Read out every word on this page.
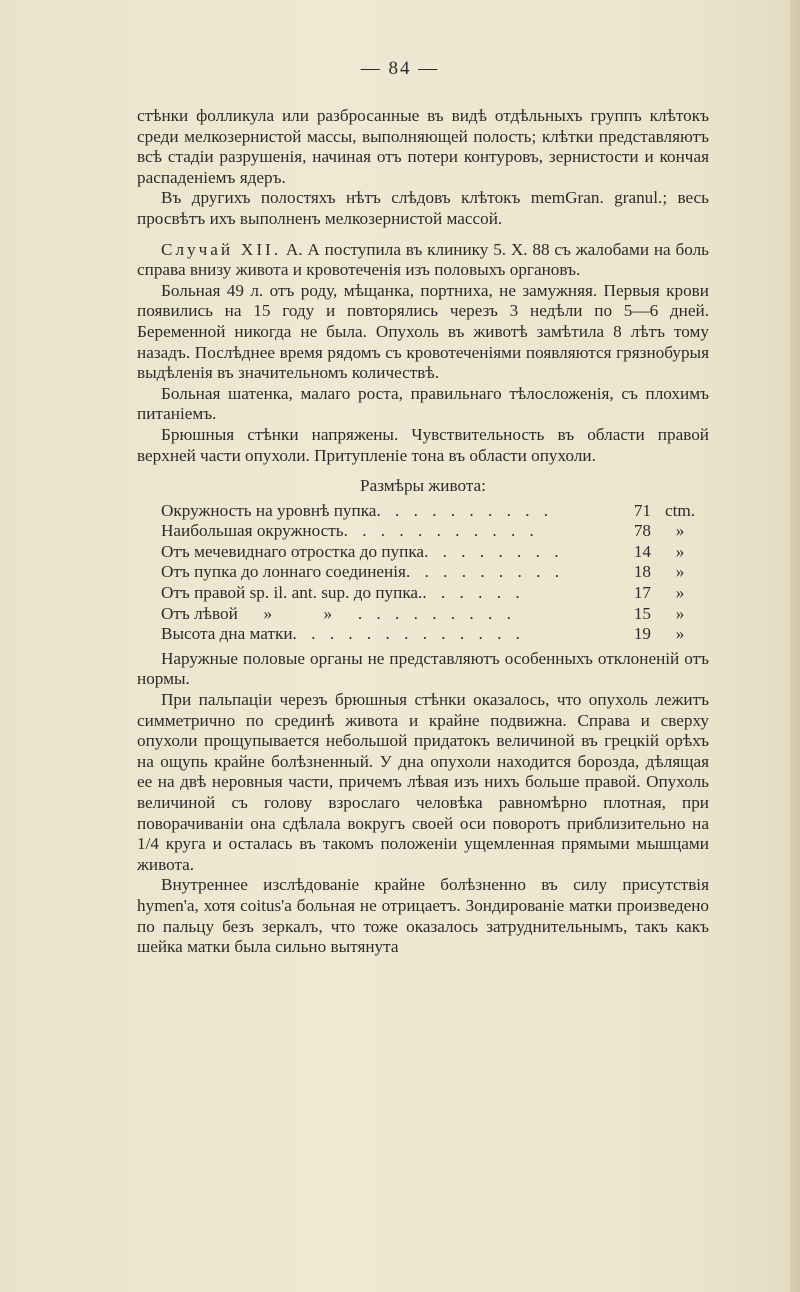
— 84 —

стѣнки фолликула или разбросанные въ видѣ отдѣльныхъ группъ клѣтокъ среди мелкозернистой массы, выполняющей полость; клѣтки представляютъ всѣ стадіи разрушенія, начиная отъ потери контуровъ, зернистости и кончая распаденіемъ ядеръ.

Въ другихъ полостяхъ нѣтъ слѣдовъ клѣтокъ memGran. granul.; весь просвѣтъ ихъ выполненъ мелкозернистой массой.

Случай XII. А. А поступила въ клинику 5. X. 88 съ жалобами на боль справа внизу живота и кровотеченія изъ половыхъ органовъ.

Больная 49 л. отъ роду, мѣщанка, портниха, не замужняя. Первыя крови появились на 15 году и повторялись черезъ 3 недѣли по 5—6 дней. Беременной никогда не была. Опухоль въ животѣ замѣтила 8 лѣтъ тому назадъ. Послѣднее время рядомъ съ кровотеченіями появляются грязнобурыя выдѣленія въ значительномъ количествѣ.

Больная шатенка, малаго роста, правильнаго тѣлосложенія, съ плохимъ питаніемъ.

Брюшныя стѣнки напряжены. Чувствительность въ области правой верхней части опухоли. Притупленіе тона въ области опухоли.

Размѣры живота:

Окружность на уровнѣ пупка . . . . . . . . . .	71 ctm.
Наибольшая окружность . . . . . . . . . . .	78	»
Отъ мечевиднаго отростка до пупка . . . . . . . .	14	»
Отъ пупка до лоннаго соединенія . . . . . . . . .	18	»
Отъ правой sp. il. ant. sup. до пупка. . . . . . .	17	»
Отъ лѣвой	»	»	. . . . . . . . .	15	»
Высота дна матки . . . . . . . . . . . . .	19	»

Наружные половые органы не представляютъ особенныхъ отклоненій отъ нормы.

При пальпаціи черезъ брюшныя стѣнки оказалось, что опухоль лежитъ симметрично по срединѣ живота и крайне подвижна. Справа и сверху опухоли прощупывается небольшой придатокъ величиной въ грецкій орѣхъ на ощупь крайне болѣзненный. У дна опухоли находится борозда, дѣлящая ее на двѣ неровныя части, причемъ лѣвая изъ нихъ больше правой. Опухоль величиной съ голову взрослаго человѣка равномѣрно плотная, при поворачиваніи она сдѣлала вокругъ своей оси поворотъ приблизительно на 1/4 круга и осталась въ такомъ положеніи ущемленная прямыми мышцами живота.

Внутреннее изслѣдованіе крайне болѣзненно въ силу присутствія hymen'a, хотя coitus'a больная не отрицаетъ. Зондированіе матки произведено по пальцу безъ зеркалъ, что тоже оказалось затруднительнымъ, такъ какъ шейка матки была сильно вытянута
